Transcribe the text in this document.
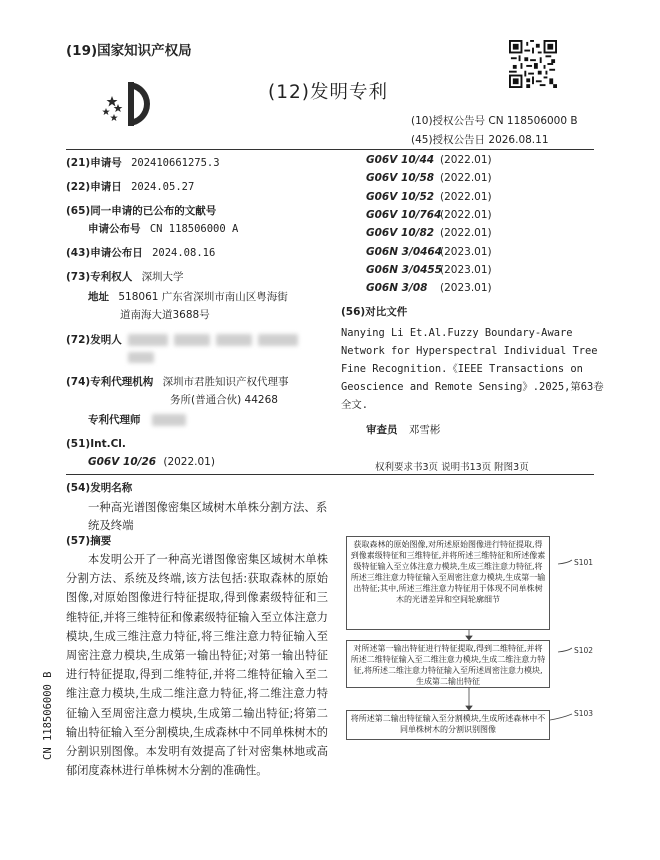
(19)国家知识产权局
(12)发明专利
(10)授权公告号 CN 118506000 B
(45)授权公告日 2026.08.11
(21)申请号 202410661275.3
(22)申请日 2024.05.27
(65)同一申请的已公布的文献号
申请公布号 CN 118506000 A
(43)申请公布日 2024.08.16
(73)专利权人 深圳大学
地址 518061 广东省深圳市南山区粤海街
道南海大道3688号
(72)发明人
(74)专利代理机构 深圳市君胜知识产权代理事
务所(普通合伙) 44268
专利代理师
(51)Int.Cl.
G06V 10/26 (2022.01)
G06V 10/44 (2022.01)
G06V 10/58 (2022.01)
G06V 10/52 (2022.01)
G06V 10/764(2022.01)
G06V 10/82 (2022.01)
G06N 3/0464(2023.01)
G06N 3/0455(2023.01)
G06N 3/08 (2023.01)
(56)对比文件
Nanying Li Et.Al.Fuzzy Boundary-Aware Network for Hyperspectral Individual Tree Fine Recognition.《IEEE Transactions on Geoscience and Remote Sensing》.2025,第63卷全文.
审查员 邓雪彬
权利要求书3页 说明书13页 附图3页
(54)发明名称
一种高光谱图像密集区域树木单株分割方法、系统及终端
(57)摘要
本发明公开了一种高光谱图像密集区域树木单株分割方法、系统及终端,该方法包括:获取森林的原始图像,对原始图像进行特征提取,得到像素级特征和三维特征,并将三维特征和像素级特征输入至立体注意力模块,生成三维注意力特征,将三维注意力特征输入至周密注意力模块,生成第一输出特征;对第一输出特征进行特征提取,得到二维特征,并将二维特征输入至二维注意力模块,生成二维注意力特征,将二维注意力特征输入至周密注意力模块,生成第二输出特征;将第二输出特征输入至分割模块,生成森林中不同单株树木的分割识别图像。本发明有效提高了针对密集林地或高郁闭度森林进行单株树木分割的准确性。
获取森林的原始图像,对所述原始图像进行特征提取,得到像素级特征和三维特征,并将所述三维特征和所述像素级特征输入至立体注意力模块,生成三维注意力特征,将所述三维注意力特征输入至周密注意力模块,生成第一输出特征;其中,所述三维注意力特征用于体现不同单株树木的光谱差异和空间轮廓细节
对所述第一输出特征进行特征提取,得到二维特征,并将所述二维特征输入至二维注意力模块,生成二维注意力特征,将所述二维注意力特征输入至所述周密注意力模块,生成第二输出特征
将所述第二输出特征输入至分割模块,生成所述森林中不同单株树木的分割识别图像
S101
S102
S103
CN 118506000 B
